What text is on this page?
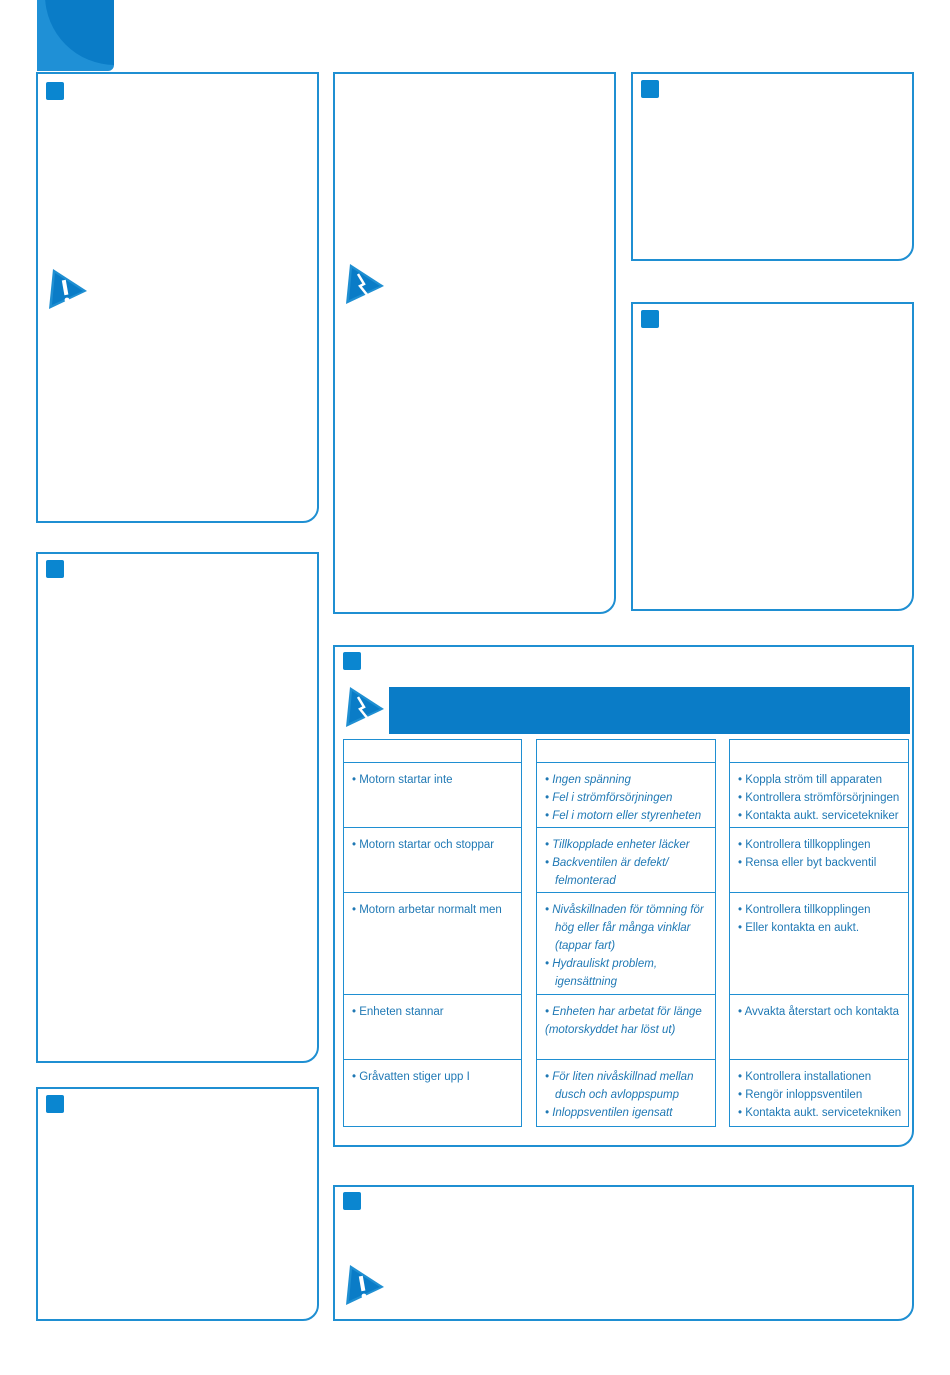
• Motorn startar inte
• Motorn startar och stoppar
• Motorn arbetar normalt men
• Enheten stannar
• Gråvatten stiger upp I
• Ingen spänning
• Fel i strömförsörjningen
• Fel i motorn eller styrenheten
• Tillkopplade enheter läcker
• Backventilen är defekt/
felmonterad
• Nivåskillnaden för tömning för
hög eller får många vinklar
(tappar fart)
• Hydrauliskt problem,
igensättning
• Enheten har arbetat för länge
(motorskyddet har löst ut)
• För liten nivåskillnad mellan
dusch och avloppspump
• Inloppsventilen igensatt
• Koppla ström till apparaten
• Kontrollera strömförsörjningen
• Kontakta aukt. servicetekniker
• Kontrollera tillkopplingen
• Rensa eller byt backventil
• Kontrollera tillkopplingen
• Eller kontakta en aukt.
• Avvakta återstart och kontakta
• Kontrollera installationen
• Rengör inloppsventilen
• Kontakta aukt. servicetekniken
